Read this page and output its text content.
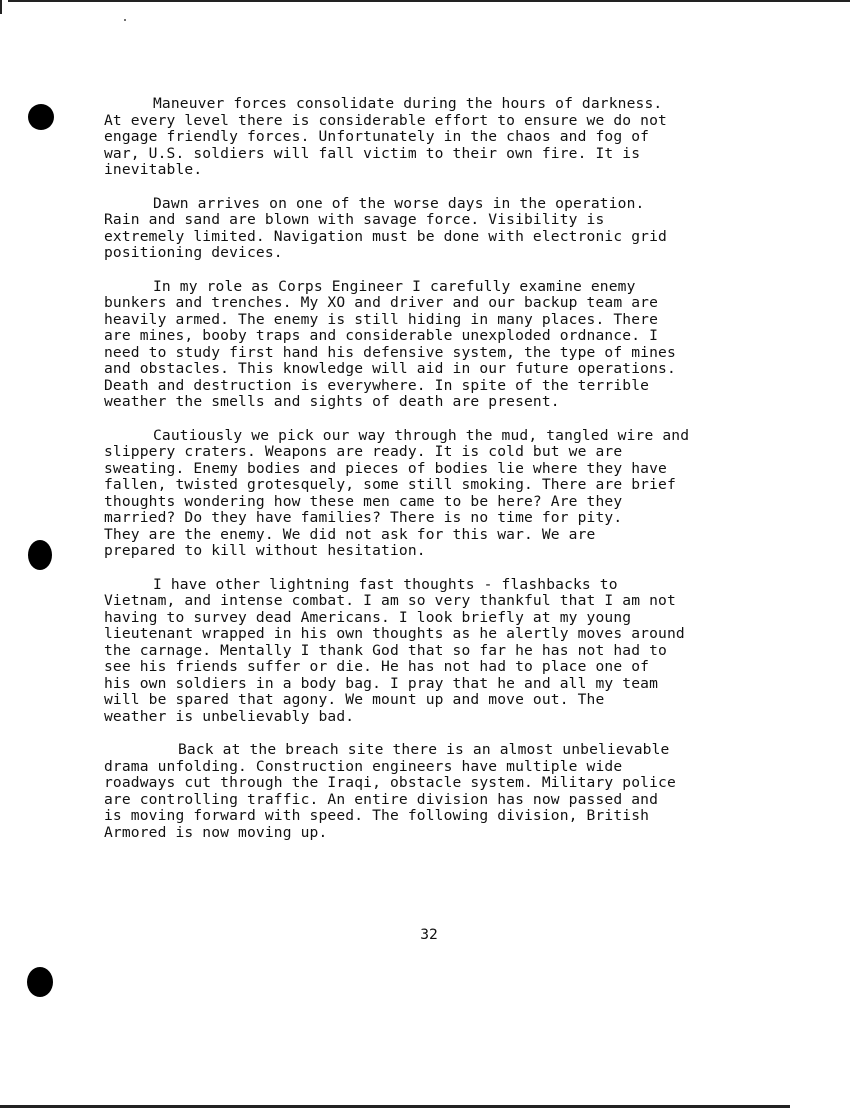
Maneuver forces consolidate during the hours of darkness.
At every level there is considerable effort to ensure we do not
engage friendly forces. Unfortunately in the chaos and fog of
war, U.S. soldiers will fall victim to their own fire. It is
inevitable.

Dawn arrives on one of the worse days in the operation.
Rain and sand are blown with savage force. Visibility is
extremely limited. Navigation must be done with electronic grid
positioning devices.

In my role as Corps Engineer I carefully examine enemy
bunkers and trenches. My XO and driver and our backup team are
heavily armed. The enemy is still hiding in many places. There
are mines, booby traps and considerable unexploded ordnance. I
need to study first hand his defensive system, the type of mines
and obstacles. This knowledge will aid in our future operations.
Death and destruction is everywhere. In spite of the terrible
weather the smells and sights of death are present.

Cautiously we pick our way through the mud, tangled wire and
slippery craters. Weapons are ready. It is cold but we are
sweating. Enemy bodies and pieces of bodies lie where they have
fallen, twisted grotesquely, some still smoking. There are brief
thoughts wondering how these men came to be here? Are they
married? Do they have families? There is no time for pity.
They are the enemy. We did not ask for this war. We are
prepared to kill without hesitation.

I have other lightning fast thoughts - flashbacks to
Vietnam, and intense combat. I am so very thankful that I am not
having to survey dead Americans. I look briefly at my young
lieutenant wrapped in his own thoughts as he alertly moves around
the carnage. Mentally I thank God that so far he has not had to
see his friends suffer or die. He has not had to place one of
his own soldiers in a body bag. I pray that he and all my team
will be spared that agony. We mount up and move out. The
weather is unbelievably bad.

Back at the breach site there is an almost unbelievable
drama unfolding. Construction engineers have multiple wide
roadways cut through the Iraqi, obstacle system. Military police
are controlling traffic. An entire division has now passed and
is moving forward with speed. The following division, British
Armored is now moving up.

32
